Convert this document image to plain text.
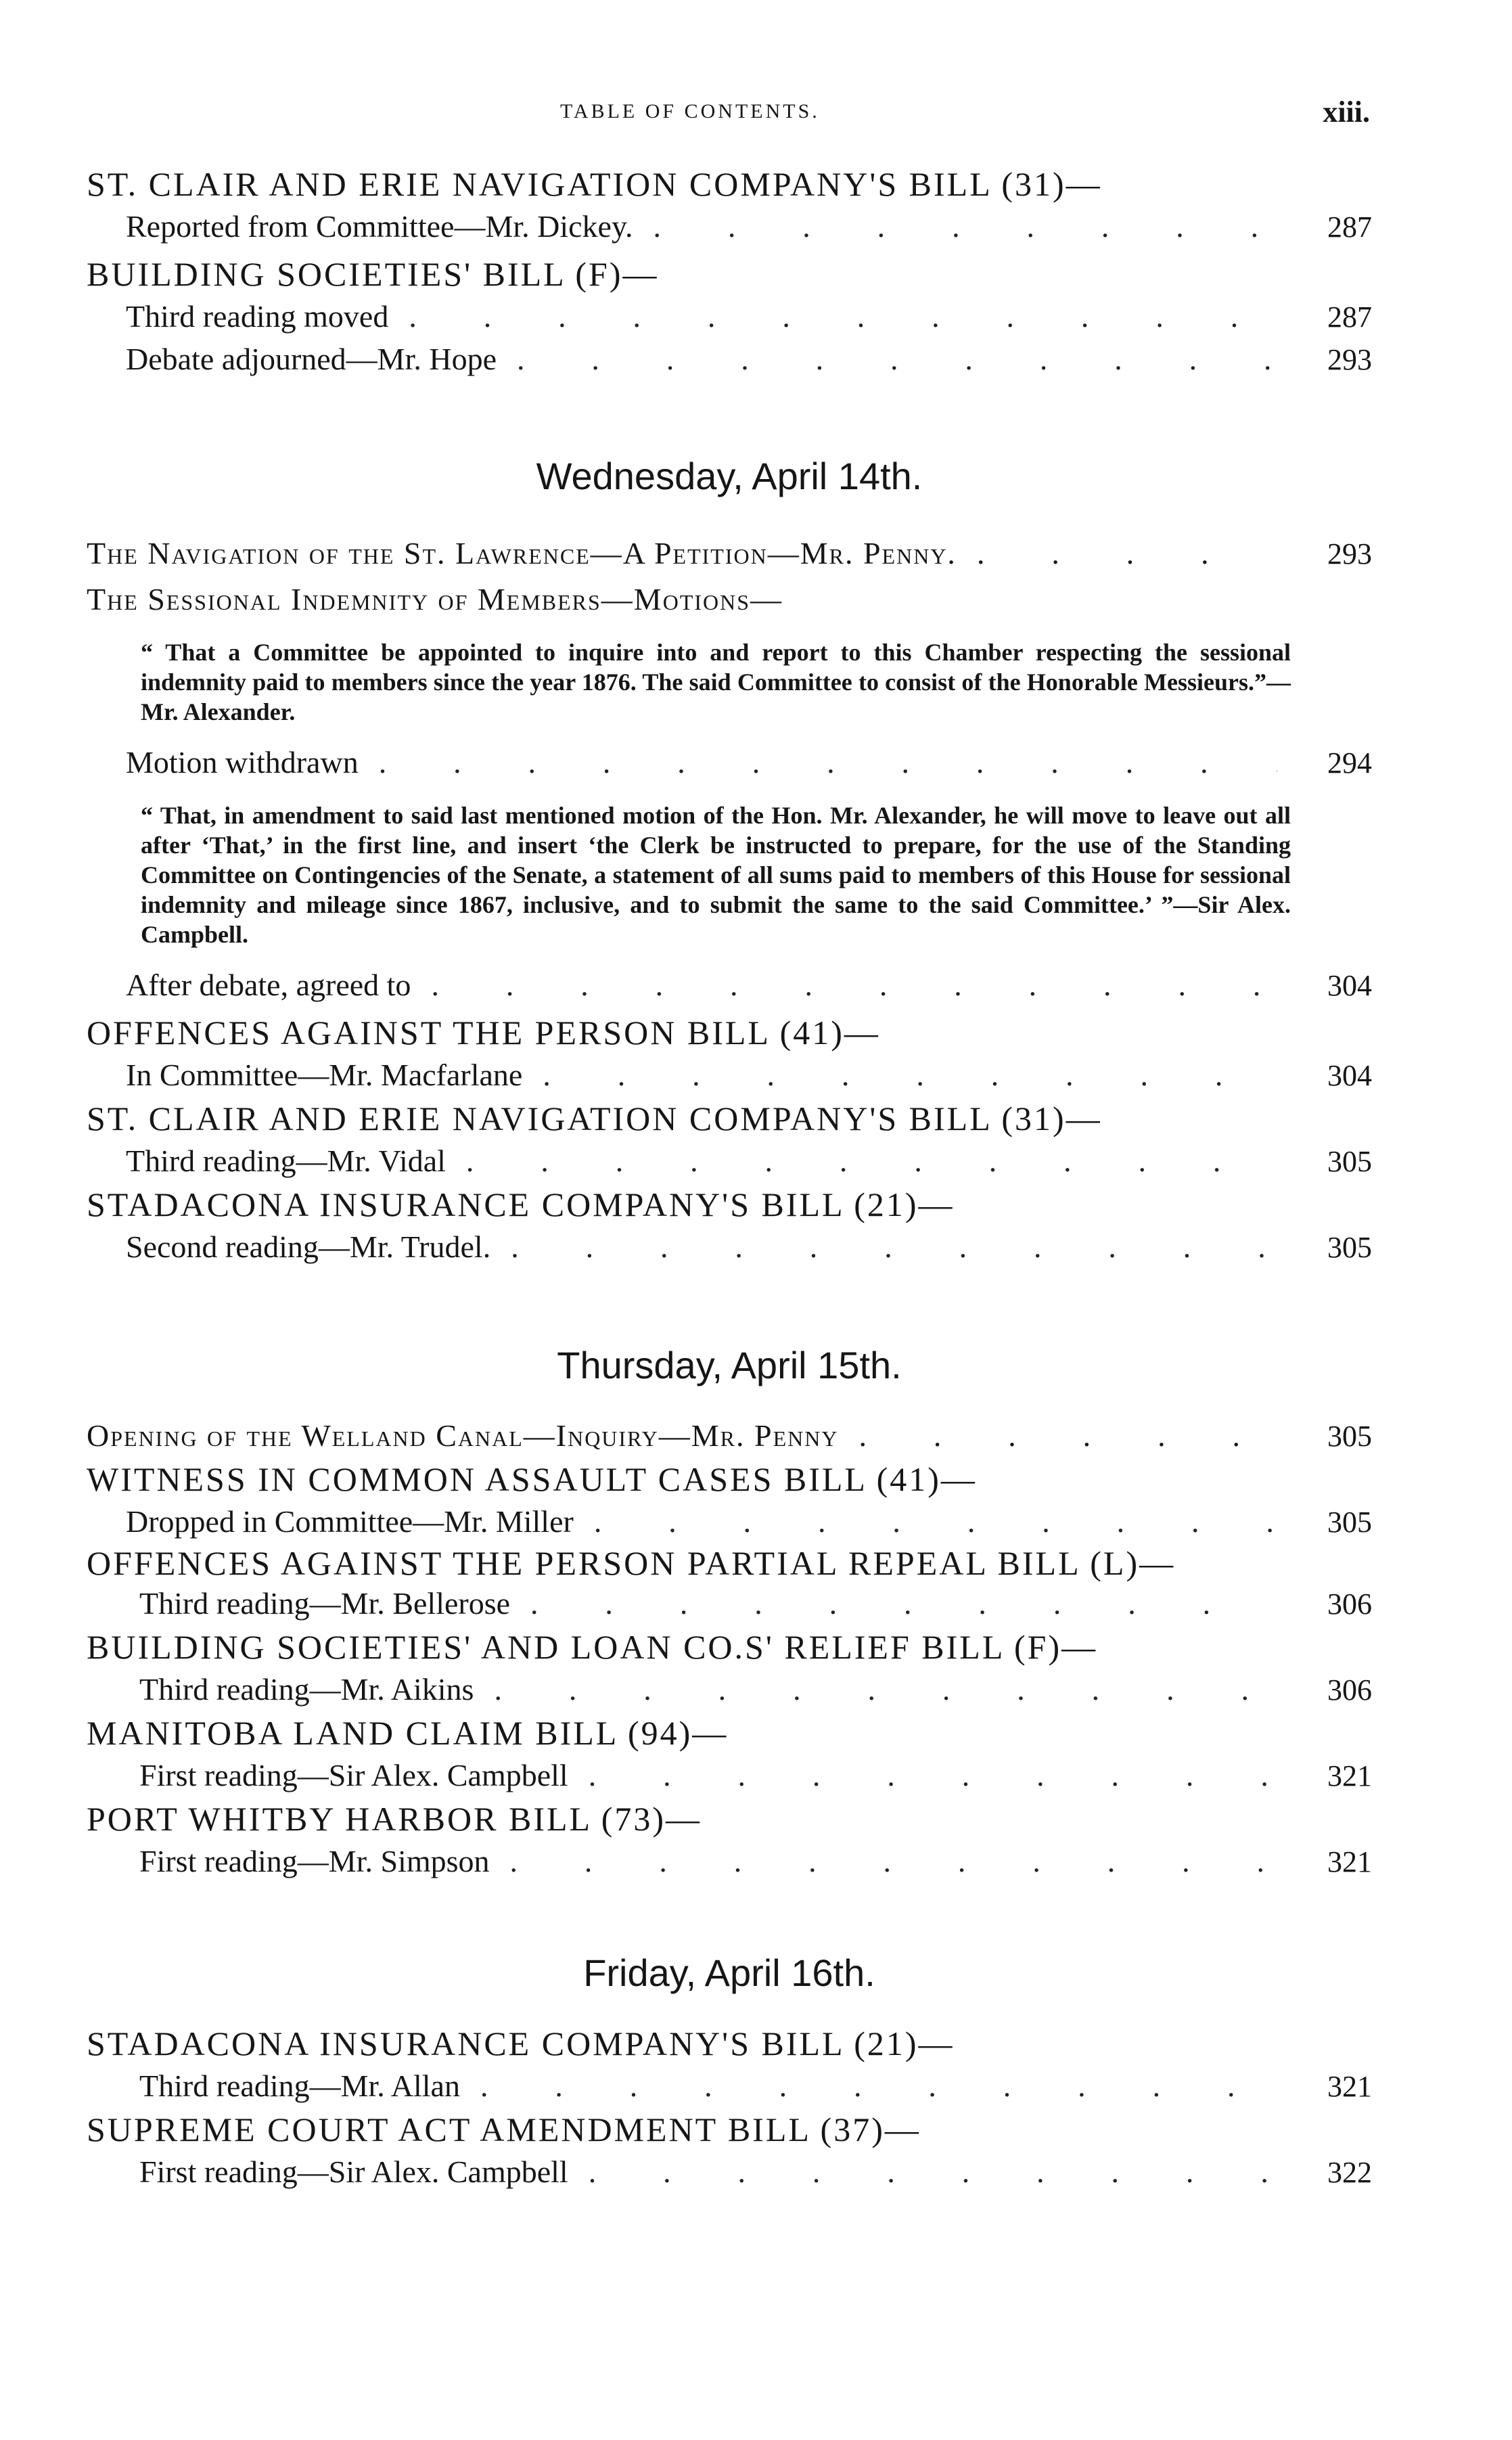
TABLE OF CONTENTS.	xiii.
ST. CLAIR AND ERIE NAVIGATION COMPANY'S BILL (31)—
Reported from Committee—Mr. Dickey. . . .	287
BUILDING SOCIETIES' BILL (F)—
Third reading moved . . .	287
Debate adjourned—Mr. Hope . . .	293
Wednesday, April 14th.
The Navigation of the St. Lawrence—A Petition—Mr. Penny. . . .	293
The Sessional Indemnity of Members—Motions—
“ That a Committee be appointed to inquire into and report to this Chamber respecting the sessional indemnity paid to members since the year 1876. The said Committee to consist of the Honorable Messieurs.”—Mr. Alexander.
Motion withdrawn . . .	294
“ That, in amendment to said last mentioned motion of the Hon. Mr. Alexander, he will move to leave out all after ‘That,’ in the first line, and insert ‘the Clerk be instructed to prepare, for the use of the Standing Committee on Contingencies of the Senate, a statement of all sums paid to members of this House for sessional indemnity and mileage since 1867, inclusive, and to submit the same to the said Committee.’ ”—Sir Alex. Campbell.
After debate, agreed to . . .	304
OFFENCES AGAINST THE PERSON BILL (41)—
In Committee—Mr. Macfarlane . . .	304
ST. CLAIR AND ERIE NAVIGATION COMPANY'S BILL (31)—
Third reading—Mr. Vidal . . .	305
STADACONA INSURANCE COMPANY'S BILL (21)—
Second reading—Mr. Trudel. . . .	305
Thursday, April 15th.
Opening of the Welland Canal—Inquiry—Mr. Penny . . .	305
WITNESS IN COMMON ASSAULT CASES BILL (41)—
Dropped in Committee—Mr. Miller . . .	305
OFFENCES AGAINST THE PERSON PARTIAL REPEAL BILL (L)—
Third reading—Mr. Bellerose . . .	306
BUILDING SOCIETIES' AND LOAN CO.S' RELIEF BILL (F)—
Third reading—Mr. Aikins . . .	306
MANITOBA LAND CLAIM BILL (94)—
First reading—Sir Alex. Campbell . . .	321
PORT WHITBY HARBOR BILL (73)—
First reading—Mr. Simpson . . .	321
Friday, April 16th.
STADACONA INSURANCE COMPANY'S BILL (21)—
Third reading—Mr. Allan . . .	321
SUPREME COURT ACT AMENDMENT BILL (37)—
First reading—Sir Alex. Campbell . . .	322
